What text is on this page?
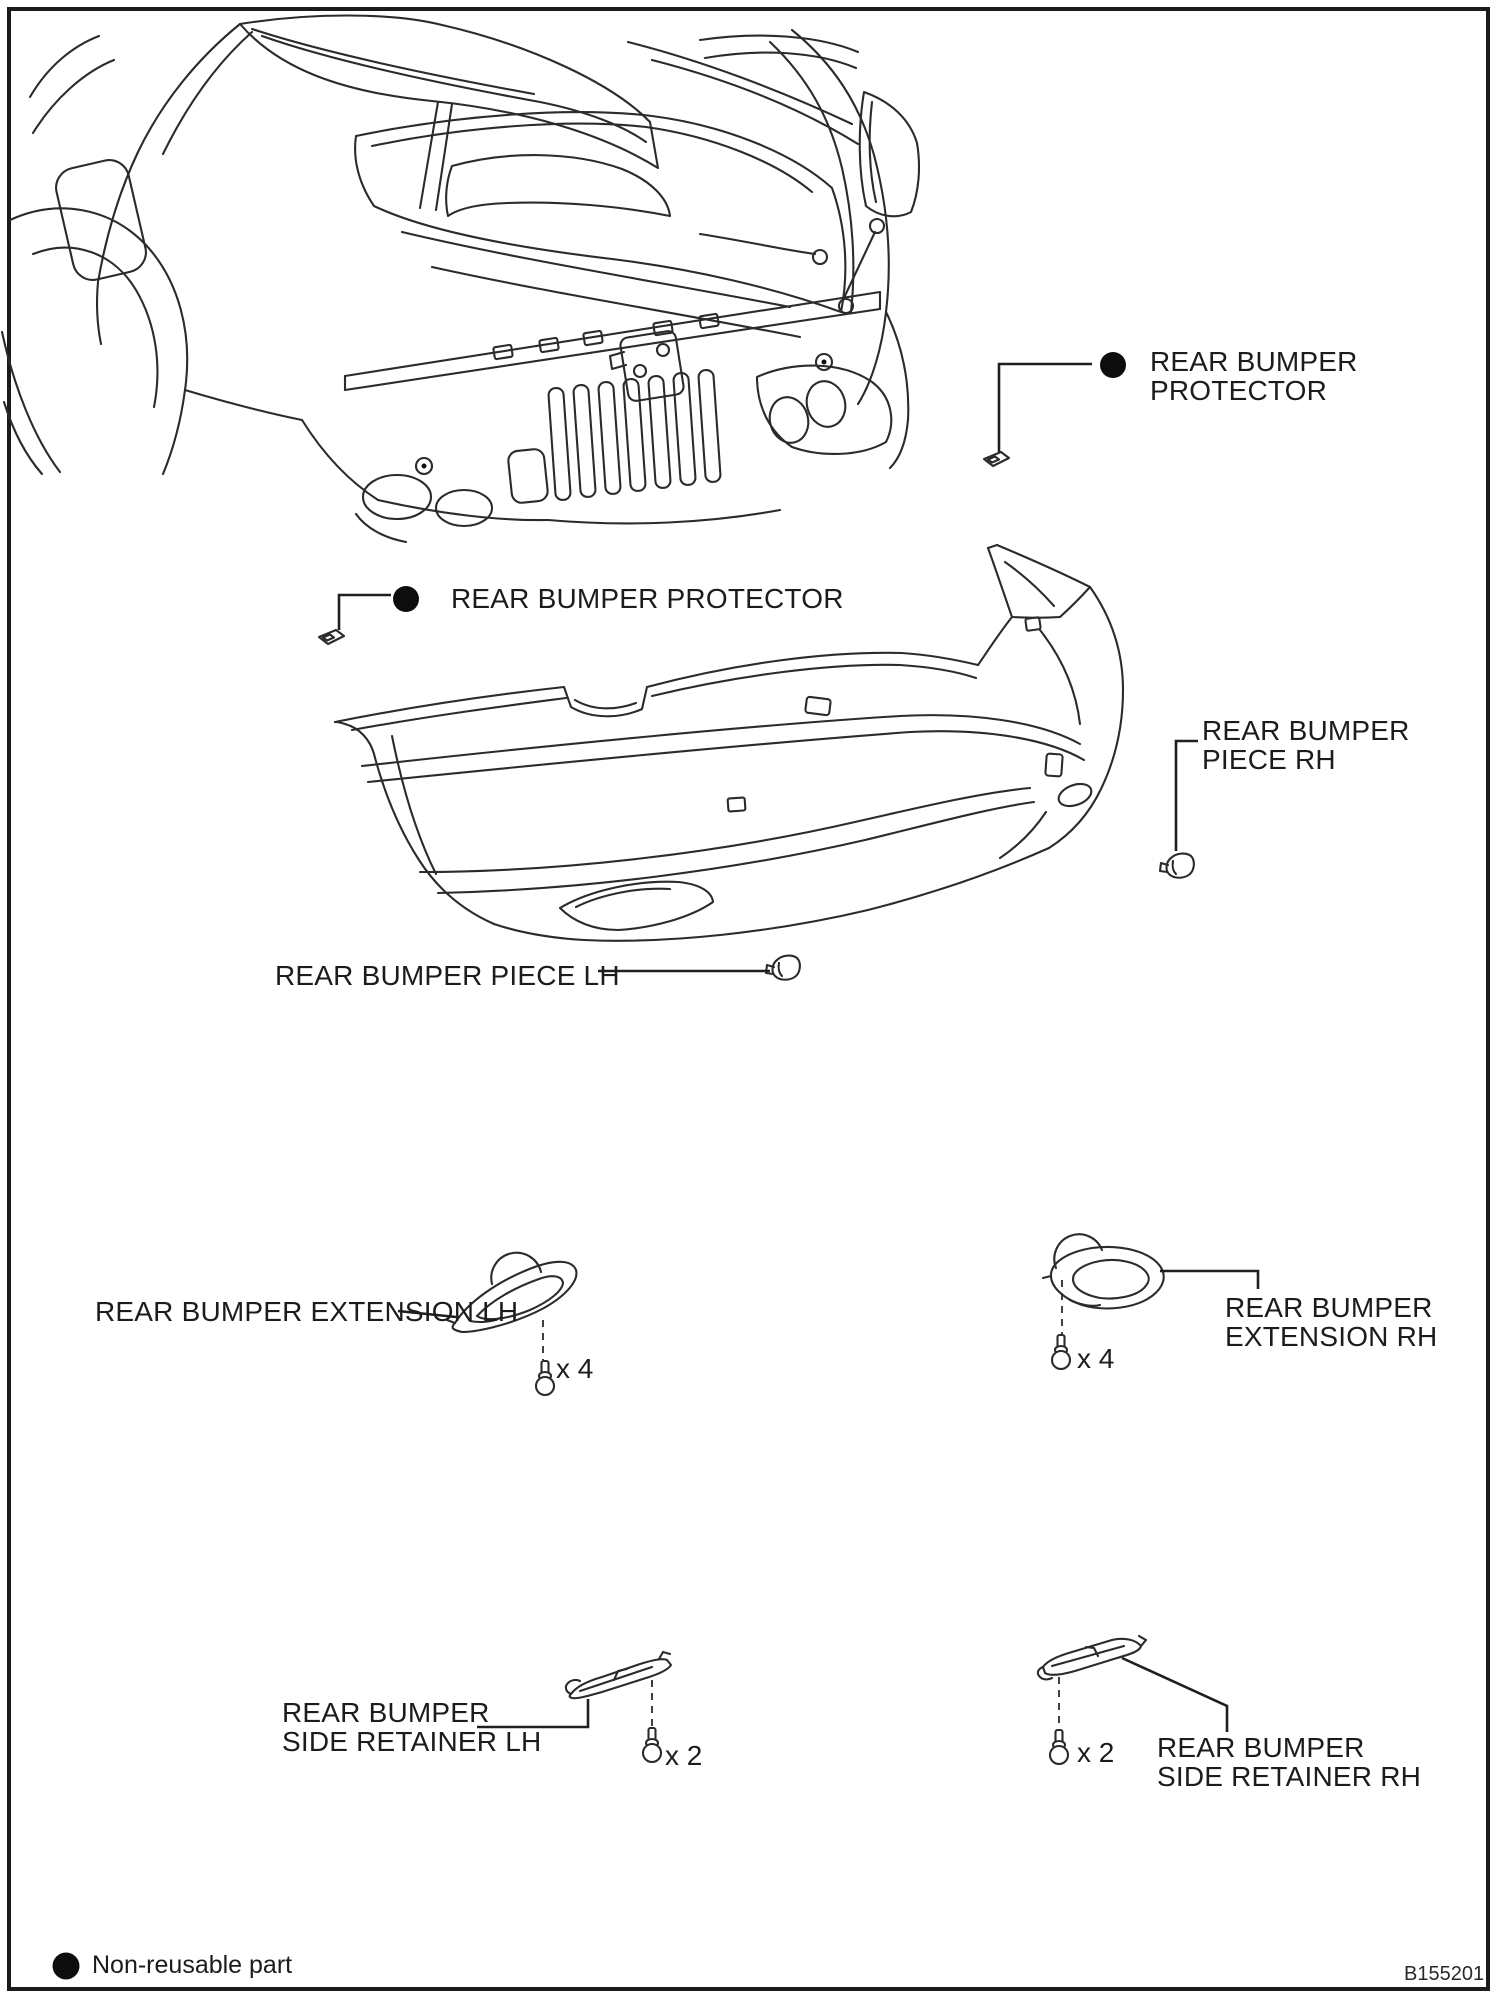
REAR BUMPER
PROTECTOR
REAR BUMPER PROTECTOR
REAR BUMPER
PIECE RH
REAR BUMPER PIECE LH
REAR BUMPER EXTENSION LH	REAR BUMPER
EXTENSION RH
REAR BUMPER
SIDE RETAINER LH	REAR BUMPER
SIDE RETAINER RH
x 4	x 4
x 2	x 2
Non-reusable part	B155201
